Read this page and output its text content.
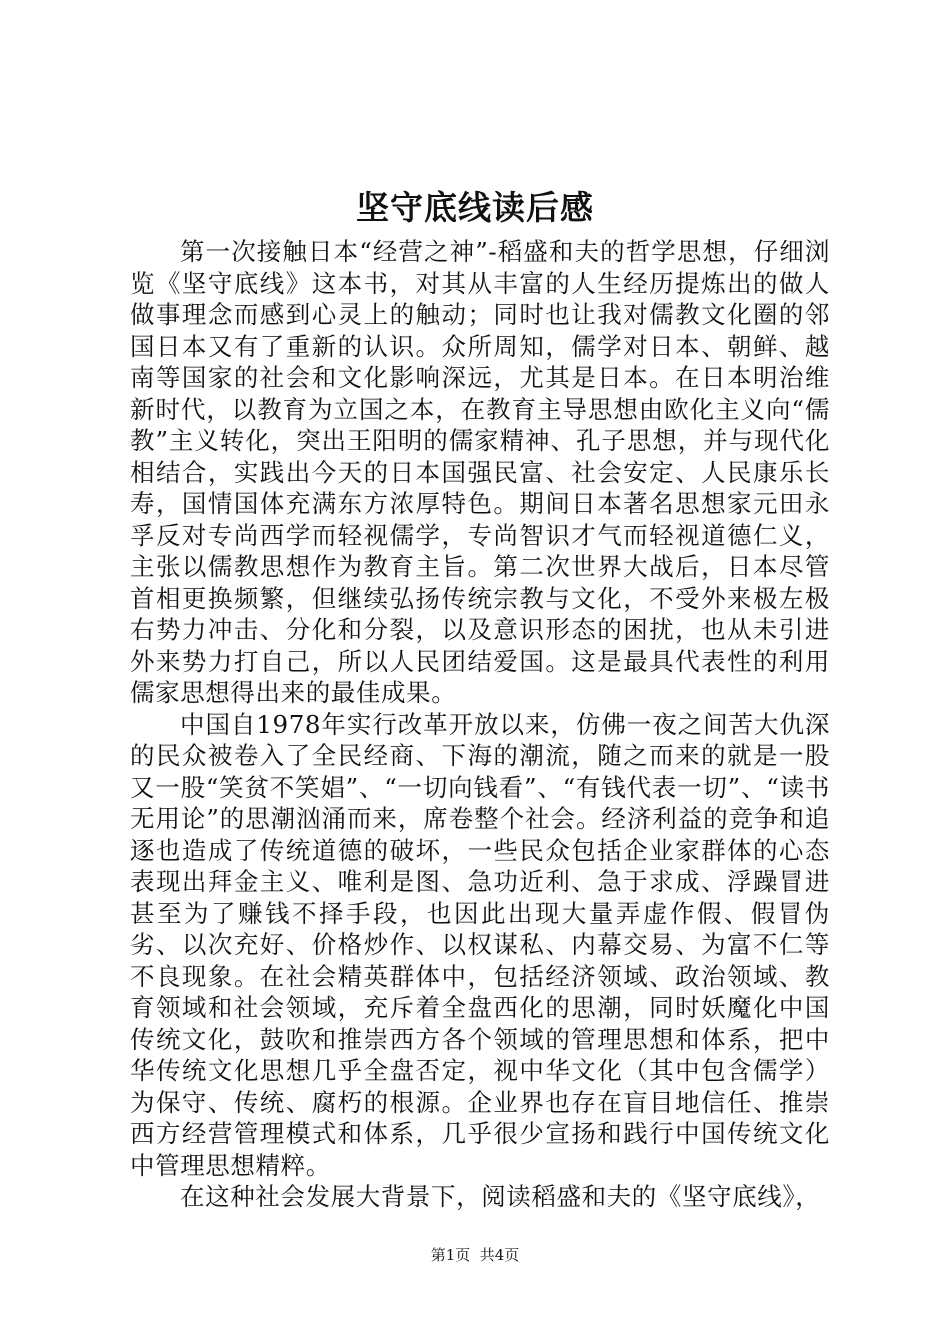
坚守底线读后感

第一次接触日本“经营之神”-稻盛和夫的哲学思想，仔细浏览《坚守底线》这本书，对其从丰富的人生经历提炼出的做人做事理念而感到心灵上的触动；同时也让我对儒教文化圈的邻国日本又有了重新的认识。众所周知，儒学对日本、朝鲜、越南等国家的社会和文化影响深远，尤其是日本。在日本明治维新时代，以教育为立国之本，在教育主导思想由欧化主义向“儒教”主义转化，突出王阳明的儒家精神、孔子思想，并与现代化相结合，实践出今天的日本国强民富、社会安定、人民康乐长寿，国情国体充满东方浓厚特色。期间日本著名思想家元田永孚反对专尚西学而轻视儒学，专尚智识才气而轻视道德仁义，主张以儒教思想作为教育主旨。第二次世界大战后，日本尽管首相更换频繁，但继续弘扬传统宗教与文化，不受外来极左极右势力冲击、分化和分裂，以及意识形态的困扰，也从未引进外来势力打自己，所以人民团结爱国。这是最具代表性的利用儒家思想得出来的最佳成果。

中国自1978年实行改革开放以来，仿佛一夜之间苦大仇深的民众被卷入了全民经商、下海的潮流，随之而来的就是一股又一股“笑贫不笑娼”、“一切向钱看”、“有钱代表一切”、“读书无用论”的思潮汹涌而来，席卷整个社会。经济利益的竞争和追逐也造成了传统道德的破坏，一些民众包括企业家群体的心态表现出拜金主义、唯利是图、急功近利、急于求成、浮躁冒进甚至为了赚钱不择手段，也因此出现大量弄虚作假、假冒伪劣、以次充好、价格炒作、以权谋私、内幕交易、为富不仁等不良现象。在社会精英群体中，包括经济领域、政治领域、教育领域和社会领域，充斥着全盘西化的思潮，同时妖魔化中国传统文化，鼓吹和推崇西方各个领域的管理思想和体系，把中华传统文化思想几乎全盘否定，视中华文化（其中包含儒学）为保守、传统、腐朽的根源。企业界也存在盲目地信任、推崇西方经营管理模式和体系，几乎很少宣扬和践行中国传统文化中管理思想精粹。

在这种社会发展大背景下，阅读稻盛和夫的《坚守底线》，

第1页  共4页
